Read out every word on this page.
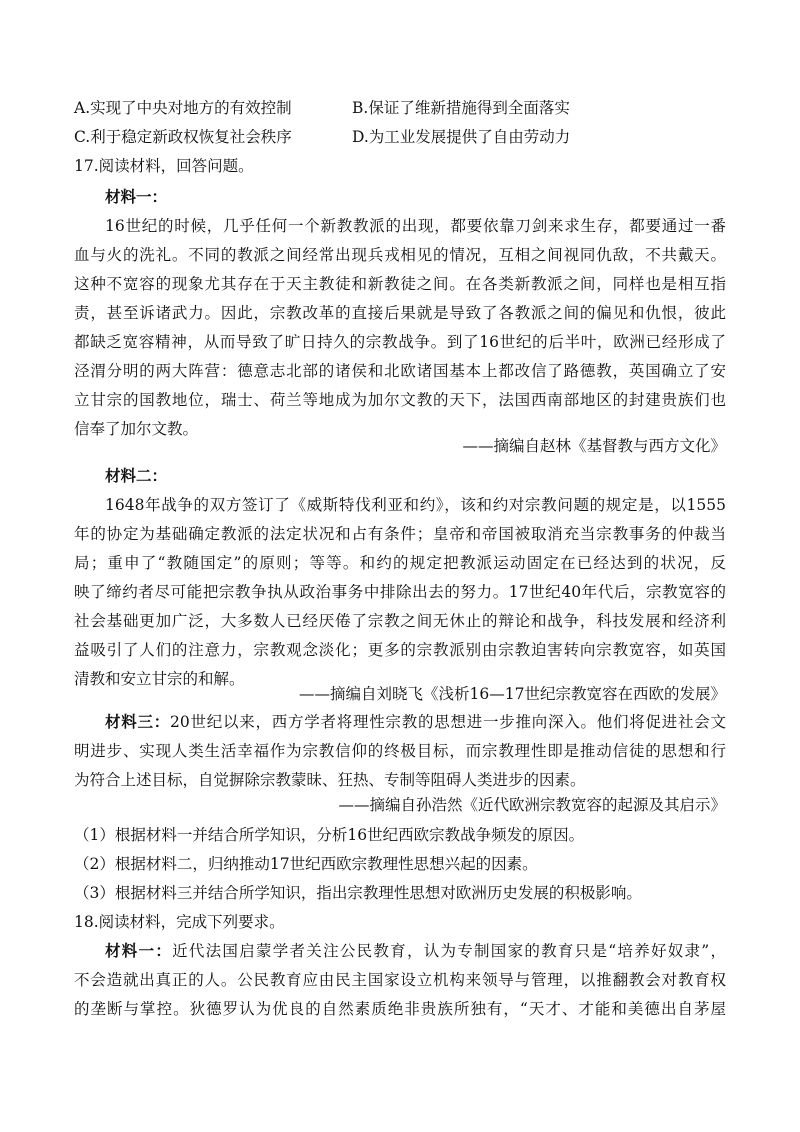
A.实现了中央对地方的有效控制	B.保证了维新措施得到全面落实
C.利于稳定新政权恢复社会秩序	D.为工业发展提供了自由劳动力
17.阅读材料，回答问题。
材料一：
16世纪的时候，几乎任何一个新教教派的出现，都要依靠刀剑来求生存，都要通过一番
血与火的洗礼。不同的教派之间经常出现兵戎相见的情况，互相之间视同仇敌，不共戴天。
这种不宽容的现象尤其存在于天主教徒和新教徒之间。在各类新教派之间，同样也是相互指
责，甚至诉诸武力。因此，宗教改革的直接后果就是导致了各教派之间的偏见和仇恨，彼此
都缺乏宽容精神，从而导致了旷日持久的宗教战争。到了16世纪的后半叶，欧洲已经形成了
泾渭分明的两大阵营：德意志北部的诸侯和北欧诸国基本上都改信了路德教，英国确立了安
立甘宗的国教地位，瑞士、荷兰等地成为加尔文教的天下，法国西南部地区的封建贵族们也
信奉了加尔文教。
——摘编自赵林《基督教与西方文化》
材料二：
1648年战争的双方签订了《威斯特伐利亚和约》，该和约对宗教问题的规定是，以1555
年的协定为基础确定教派的法定状况和占有条件；皇帝和帝国被取消充当宗教事务的仲裁当
局；重申了“教随国定”的原则；等等。和约的规定把教派运动固定在已经达到的状况，反
映了缔约者尽可能把宗教争执从政治事务中排除出去的努力。17世纪40年代后，宗教宽容的
社会基础更加广泛，大多数人已经厌倦了宗教之间无休止的辩论和战争，科技发展和经济利
益吸引了人们的注意力，宗教观念淡化；更多的宗教派别由宗教迫害转向宗教宽容，如英国
清教和安立甘宗的和解。
——摘编自刘晓飞《浅析16—17世纪宗教宽容在西欧的发展》
材料三：20世纪以来，西方学者将理性宗教的思想进一步推向深入。他们将促进社会文
明进步、实现人类生活幸福作为宗教信仰的终极目标，而宗教理性即是推动信徒的思想和行
为符合上述目标，自觉摒除宗教蒙昧、狂热、专制等阻碍人类进步的因素。
——摘编自孙浩然《近代欧洲宗教宽容的起源及其启示》
（1）根据材料一并结合所学知识，分析16世纪西欧宗教战争频发的原因。
（2）根据材料二，归纳推动17世纪西欧宗教理性思想兴起的因素。
（3）根据材料三并结合所学知识，指出宗教理性思想对欧洲历史发展的积极影响。
18.阅读材料，完成下列要求。
材料一：近代法国启蒙学者关注公民教育，认为专制国家的教育只是“培养好奴隶”，
不会造就出真正的人。公民教育应由民主国家设立机构来领导与管理，以推翻教会对教育权
的垄断与掌控。狄德罗认为优良的自然素质绝非贵族所独有，“天才、才能和美德出自茅屋
